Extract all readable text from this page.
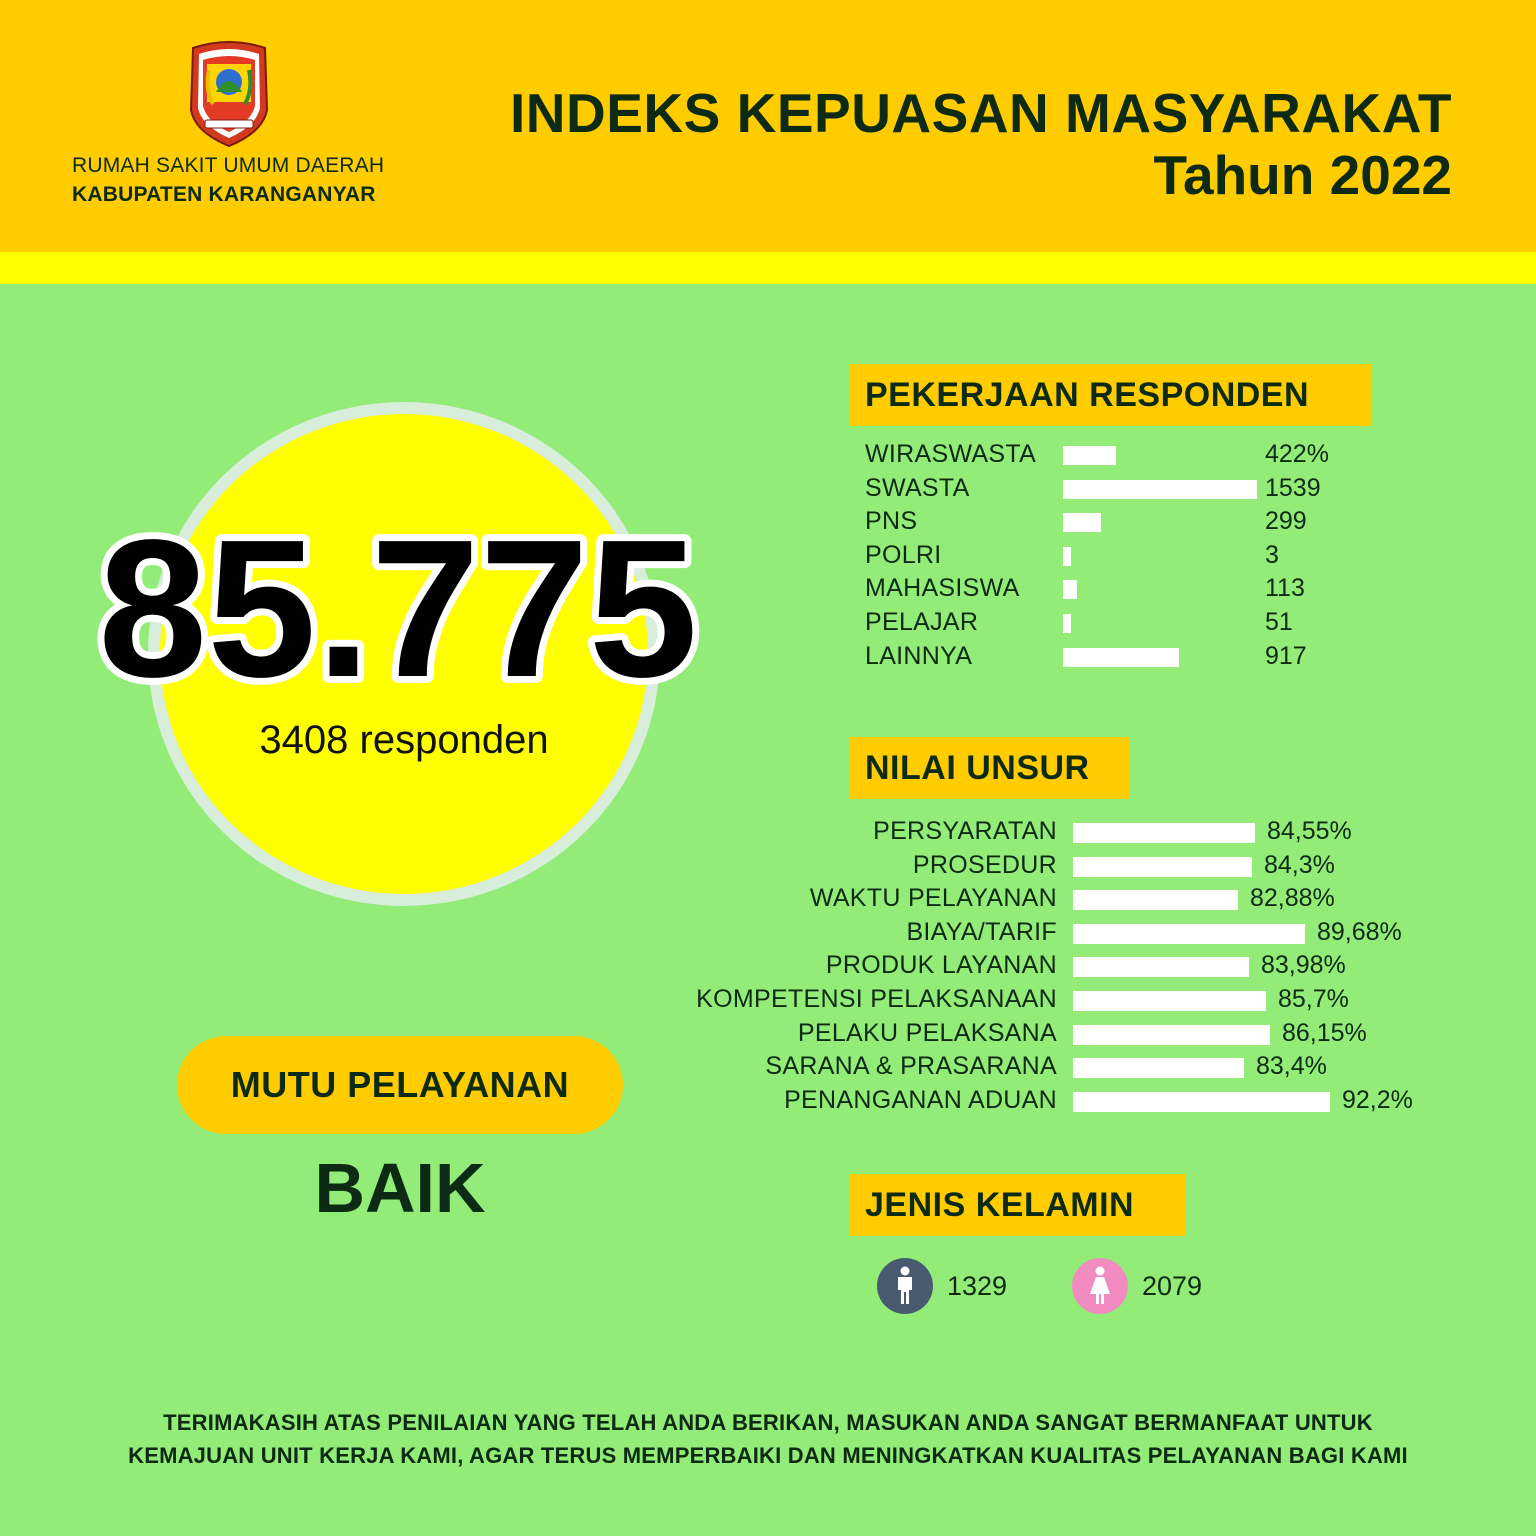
RUMAH SAKIT UMUM DAERAH
KABUPATEN KARANGANYAR
INDEKS KEPUASAN MASYARAKAT
Tahun 2022
85.775
3408 responden
MUTU PELAYANAN
BAIK
PEKERJAAN RESPONDEN
WIRASWASTA	422%
SWASTA	1539
PNS	299
POLRI	3
MAHASISWA	113
PELAJAR	51
LAINNYA	917
NILAI UNSUR
PERSYARATAN	84,55%
PROSEDUR	84,3%
WAKTU PELAYANAN	82,88%
BIAYA/TARIF	89,68%
PRODUK LAYANAN	83,98%
KOMPETENSI PELAKSANAAN	85,7%
PELAKU PELAKSANA	86,15%
SARANA & PRASARANA	83,4%
PENANGANAN ADUAN	92,2%
JENIS KELAMIN
1329	2079
TERIMAKASIH ATAS PENILAIAN YANG TELAH ANDA BERIKAN, MASUKAN ANDA SANGAT BERMANFAAT UNTUK
KEMAJUAN UNIT KERJA KAMI, AGAR TERUS MEMPERBAIKI DAN MENINGKATKAN KUALITAS PELAYANAN BAGI KAMI
